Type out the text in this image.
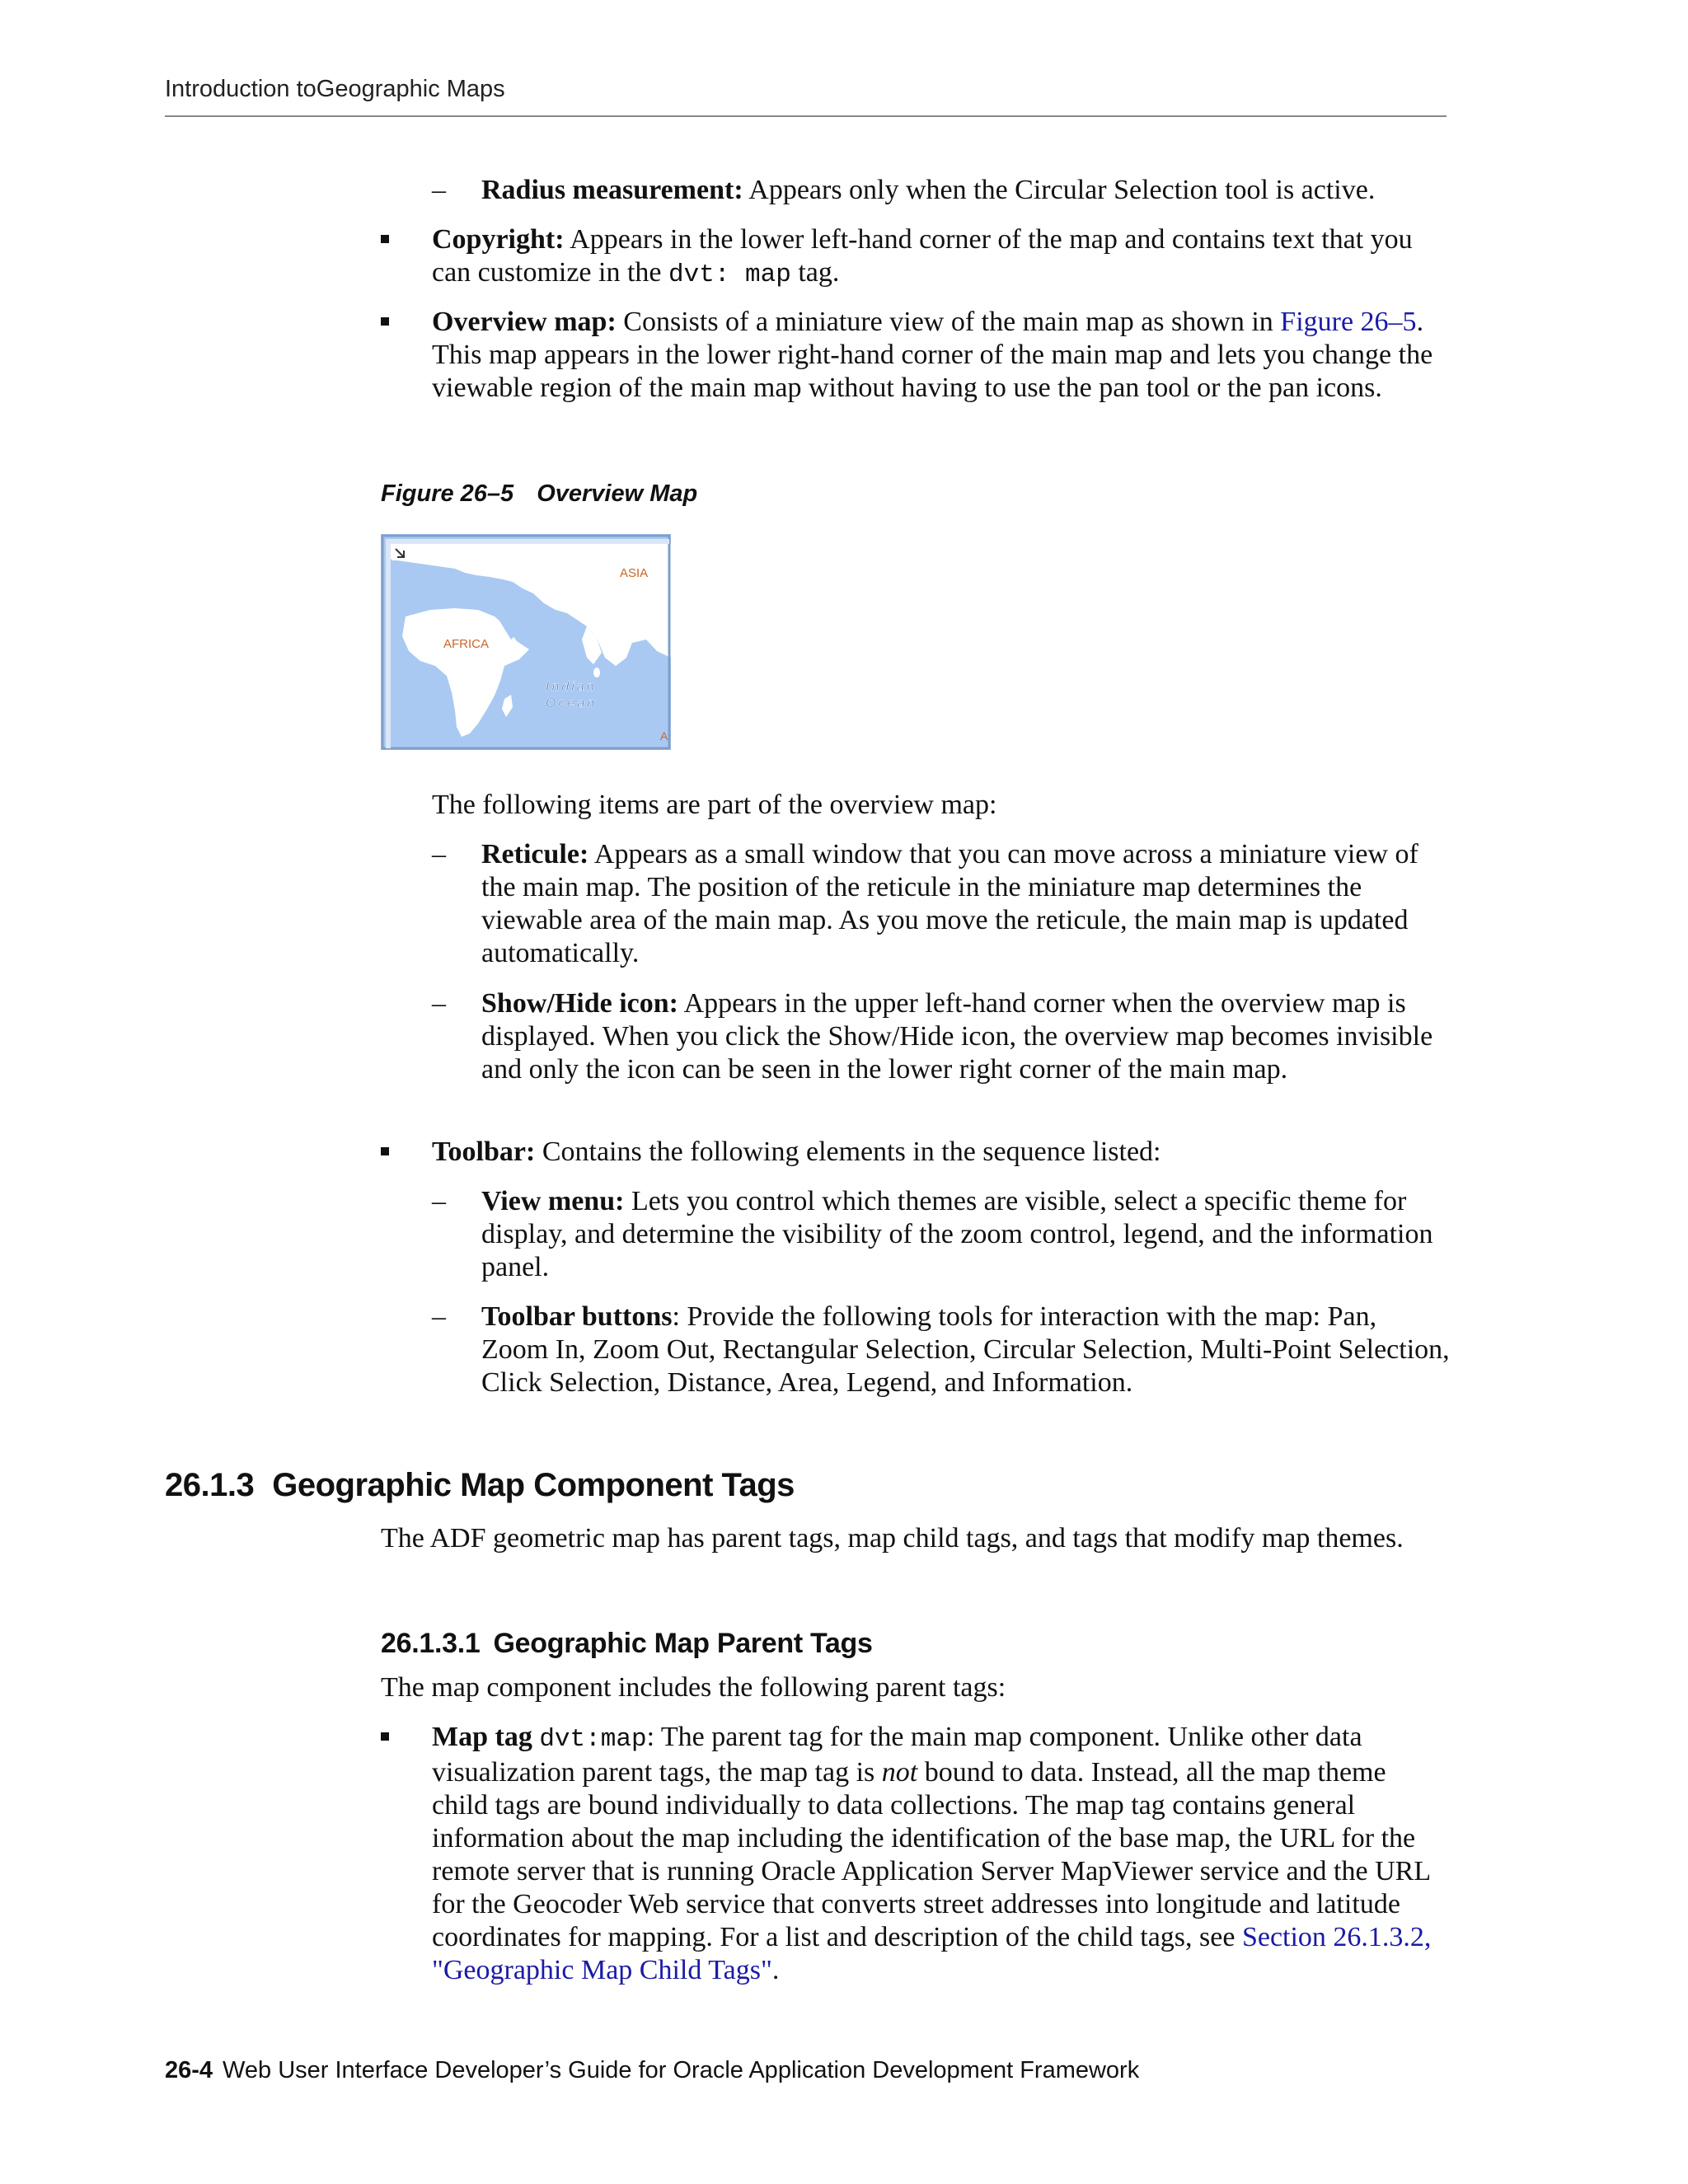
Introduction toGeographic Maps
– Radius measurement: Appears only when the Circular Selection tool is active.
Copyright: Appears in the lower left-hand corner of the map and contains text that you can customize in the dvt: map tag.
Overview map: Consists of a miniature view of the main map as shown in Figure 26–5. This map appears in the lower right-hand corner of the main map and lets you change the viewable region of the main map without having to use the pan tool or the pan icons.
Figure 26–5 Overview Map
ASIA
AFRICA
Indian
Ocean
A
The following items are part of the overview map:
– Reticule: Appears as a small window that you can move across a miniature view of the main map. The position of the reticule in the miniature map determines the viewable area of the main map. As you move the reticule, the main map is updated automatically.
– Show/Hide icon: Appears in the upper left-hand corner when the overview map is displayed. When you click the Show/Hide icon, the overview map becomes invisible and only the icon can be seen in the lower right corner of the main map.
Toolbar: Contains the following elements in the sequence listed:
– View menu: Lets you control which themes are visible, select a specific theme for display, and determine the visibility of the zoom control, legend, and the information panel.
– Toolbar buttons: Provide the following tools for interaction with the map: Pan, Zoom In, Zoom Out, Rectangular Selection, Circular Selection, Multi-Point Selection, Click Selection, Distance, Area, Legend, and Information.
26.1.3 Geographic Map Component Tags
The ADF geometric map has parent tags, map child tags, and tags that modify map themes.
26.1.3.1 Geographic Map Parent Tags
The map component includes the following parent tags:
Map tag dvt:map: The parent tag for the main map component. Unlike other data visualization parent tags, the map tag is not bound to data. Instead, all the map theme child tags are bound individually to data collections. The map tag contains general information about the map including the identification of the base map, the URL for the remote server that is running Oracle Application Server MapViewer service and the URL for the Geocoder Web service that converts street addresses into longitude and latitude coordinates for mapping. For a list and description of the child tags, see Section 26.1.3.2, "Geographic Map Child Tags".
26-4 Web User Interface Developer’s Guide for Oracle Application Development Framework
